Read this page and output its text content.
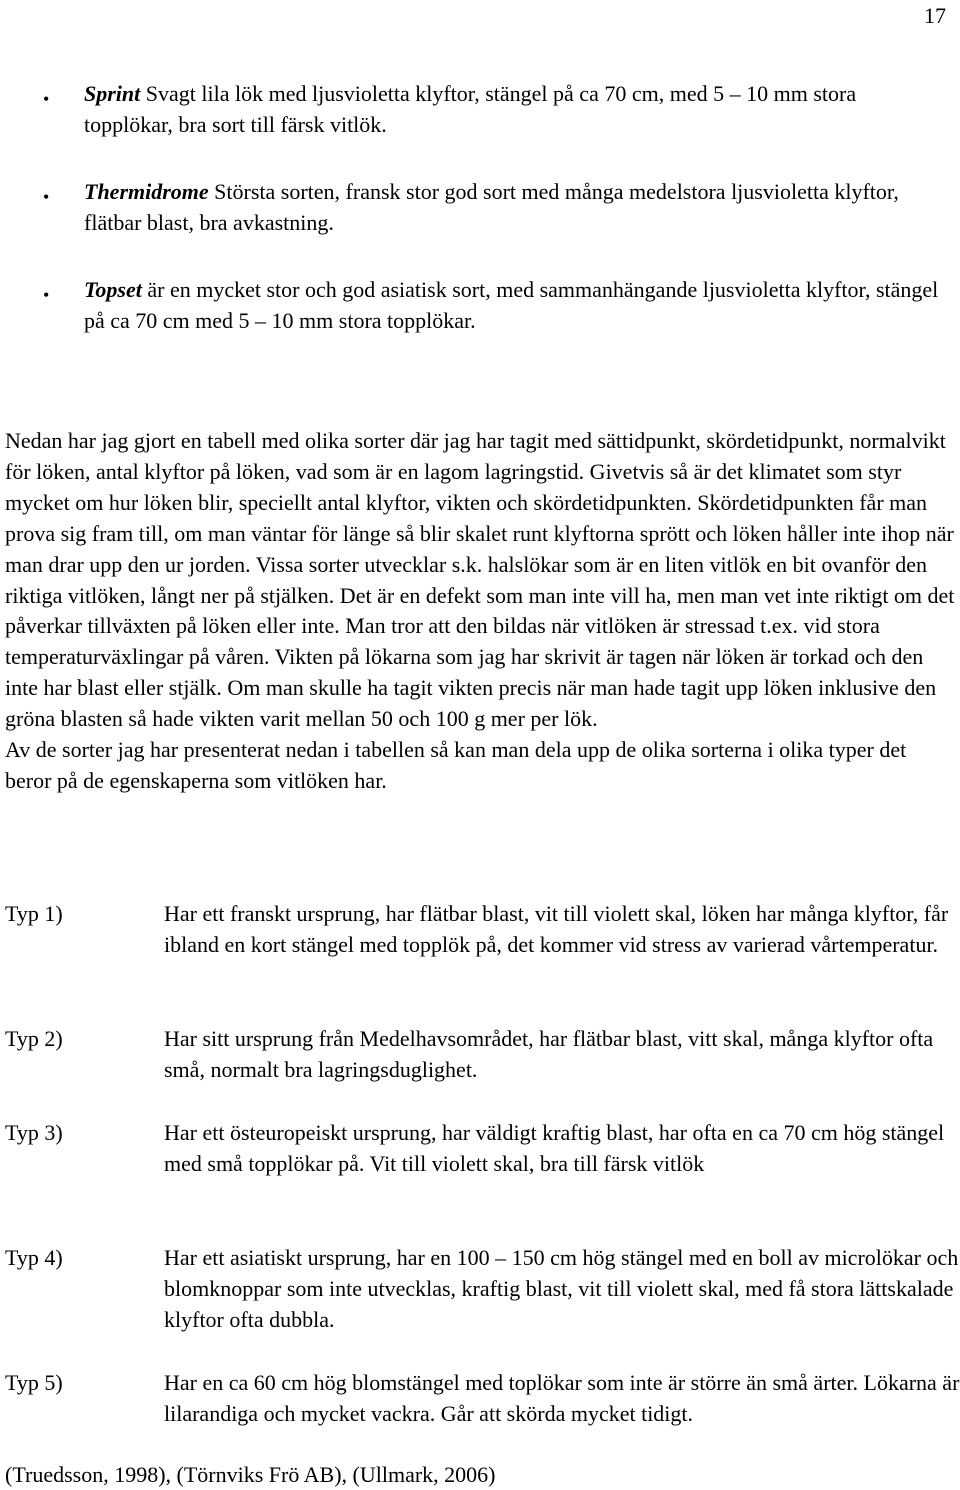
17
• Sprint Svagt lila lök med ljusvioletta klyftor, stängel på ca 70 cm, med 5 – 10 mm stora topplökar, bra sort till färsk vitlök.
• Thermidrome Största sorten, fransk stor god sort med många medelstora ljusvioletta klyftor, flätbar blast, bra avkastning.
• Topset är en mycket stor och god asiatisk sort, med sammanhängande ljusvioletta klyftor, stängel på ca 70 cm med 5 – 10 mm stora topplökar.
Nedan har jag gjort en tabell med olika sorter där jag har tagit med sättidpunkt, skördetidpunkt, normalvikt för löken, antal klyftor på löken, vad som är en lagom lagringstid. Givetvis så är det klimatet som styr mycket om hur löken blir, speciellt antal klyftor, vikten och skördetidpunkten. Skördetidpunkten får man prova sig fram till, om man väntar för länge så blir skalet runt klyftorna sprött och löken håller inte ihop när man drar upp den ur jorden. Vissa sorter utvecklar s.k. halslökar som är en liten vitlök en bit ovanför den riktiga vitlöken, långt ner på stjälken. Det är en defekt som man inte vill ha, men man vet inte riktigt om det påverkar tillväxten på löken eller inte. Man tror att den bildas när vitlöken är stressad t.ex. vid stora temperaturväxlingar på våren. Vikten på lökarna som jag har skrivit är tagen när löken är torkad och den inte har blast eller stjälk. Om man skulle ha tagit vikten precis när man hade tagit upp löken inklusive den gröna blasten så hade vikten varit mellan 50 och 100 g mer per lök.
Av de sorter jag har presenterat nedan i tabellen så kan man dela upp de olika sorterna i olika typer det beror på de egenskaperna som vitlöken har.
Typ 1)	Har ett franskt ursprung, har flätbar blast, vit till violett skal, löken har många klyftor, får ibland en kort stängel med topplök på, det kommer vid stress av varierad vårtemperatur.
Typ 2)	Har sitt ursprung från Medelhavsområdet, har flätbar blast, vitt skal, många klyftor ofta små, normalt bra lagringsduglighet.
Typ 3)	Har ett östeuropeiskt ursprung, har väldigt kraftig blast, har ofta en ca 70 cm hög stängel med små topplökar på. Vit till violett skal, bra till färsk vitlök
Typ 4)	Har ett asiatiskt ursprung, har en 100 – 150 cm hög stängel med en boll av microlökar och blomknoppar som inte utvecklas, kraftig blast, vit till violett skal, med få stora lättskalade klyftor ofta dubbla.
Typ 5)	Har en ca 60 cm hög blomstängel med toplökar som inte är större än små ärter. Lökarna är lilarandiga och mycket vackra. Går att skörda mycket tidigt.
(Truedsson, 1998), (Törnviks Frö AB), (Ullmark, 2006)
